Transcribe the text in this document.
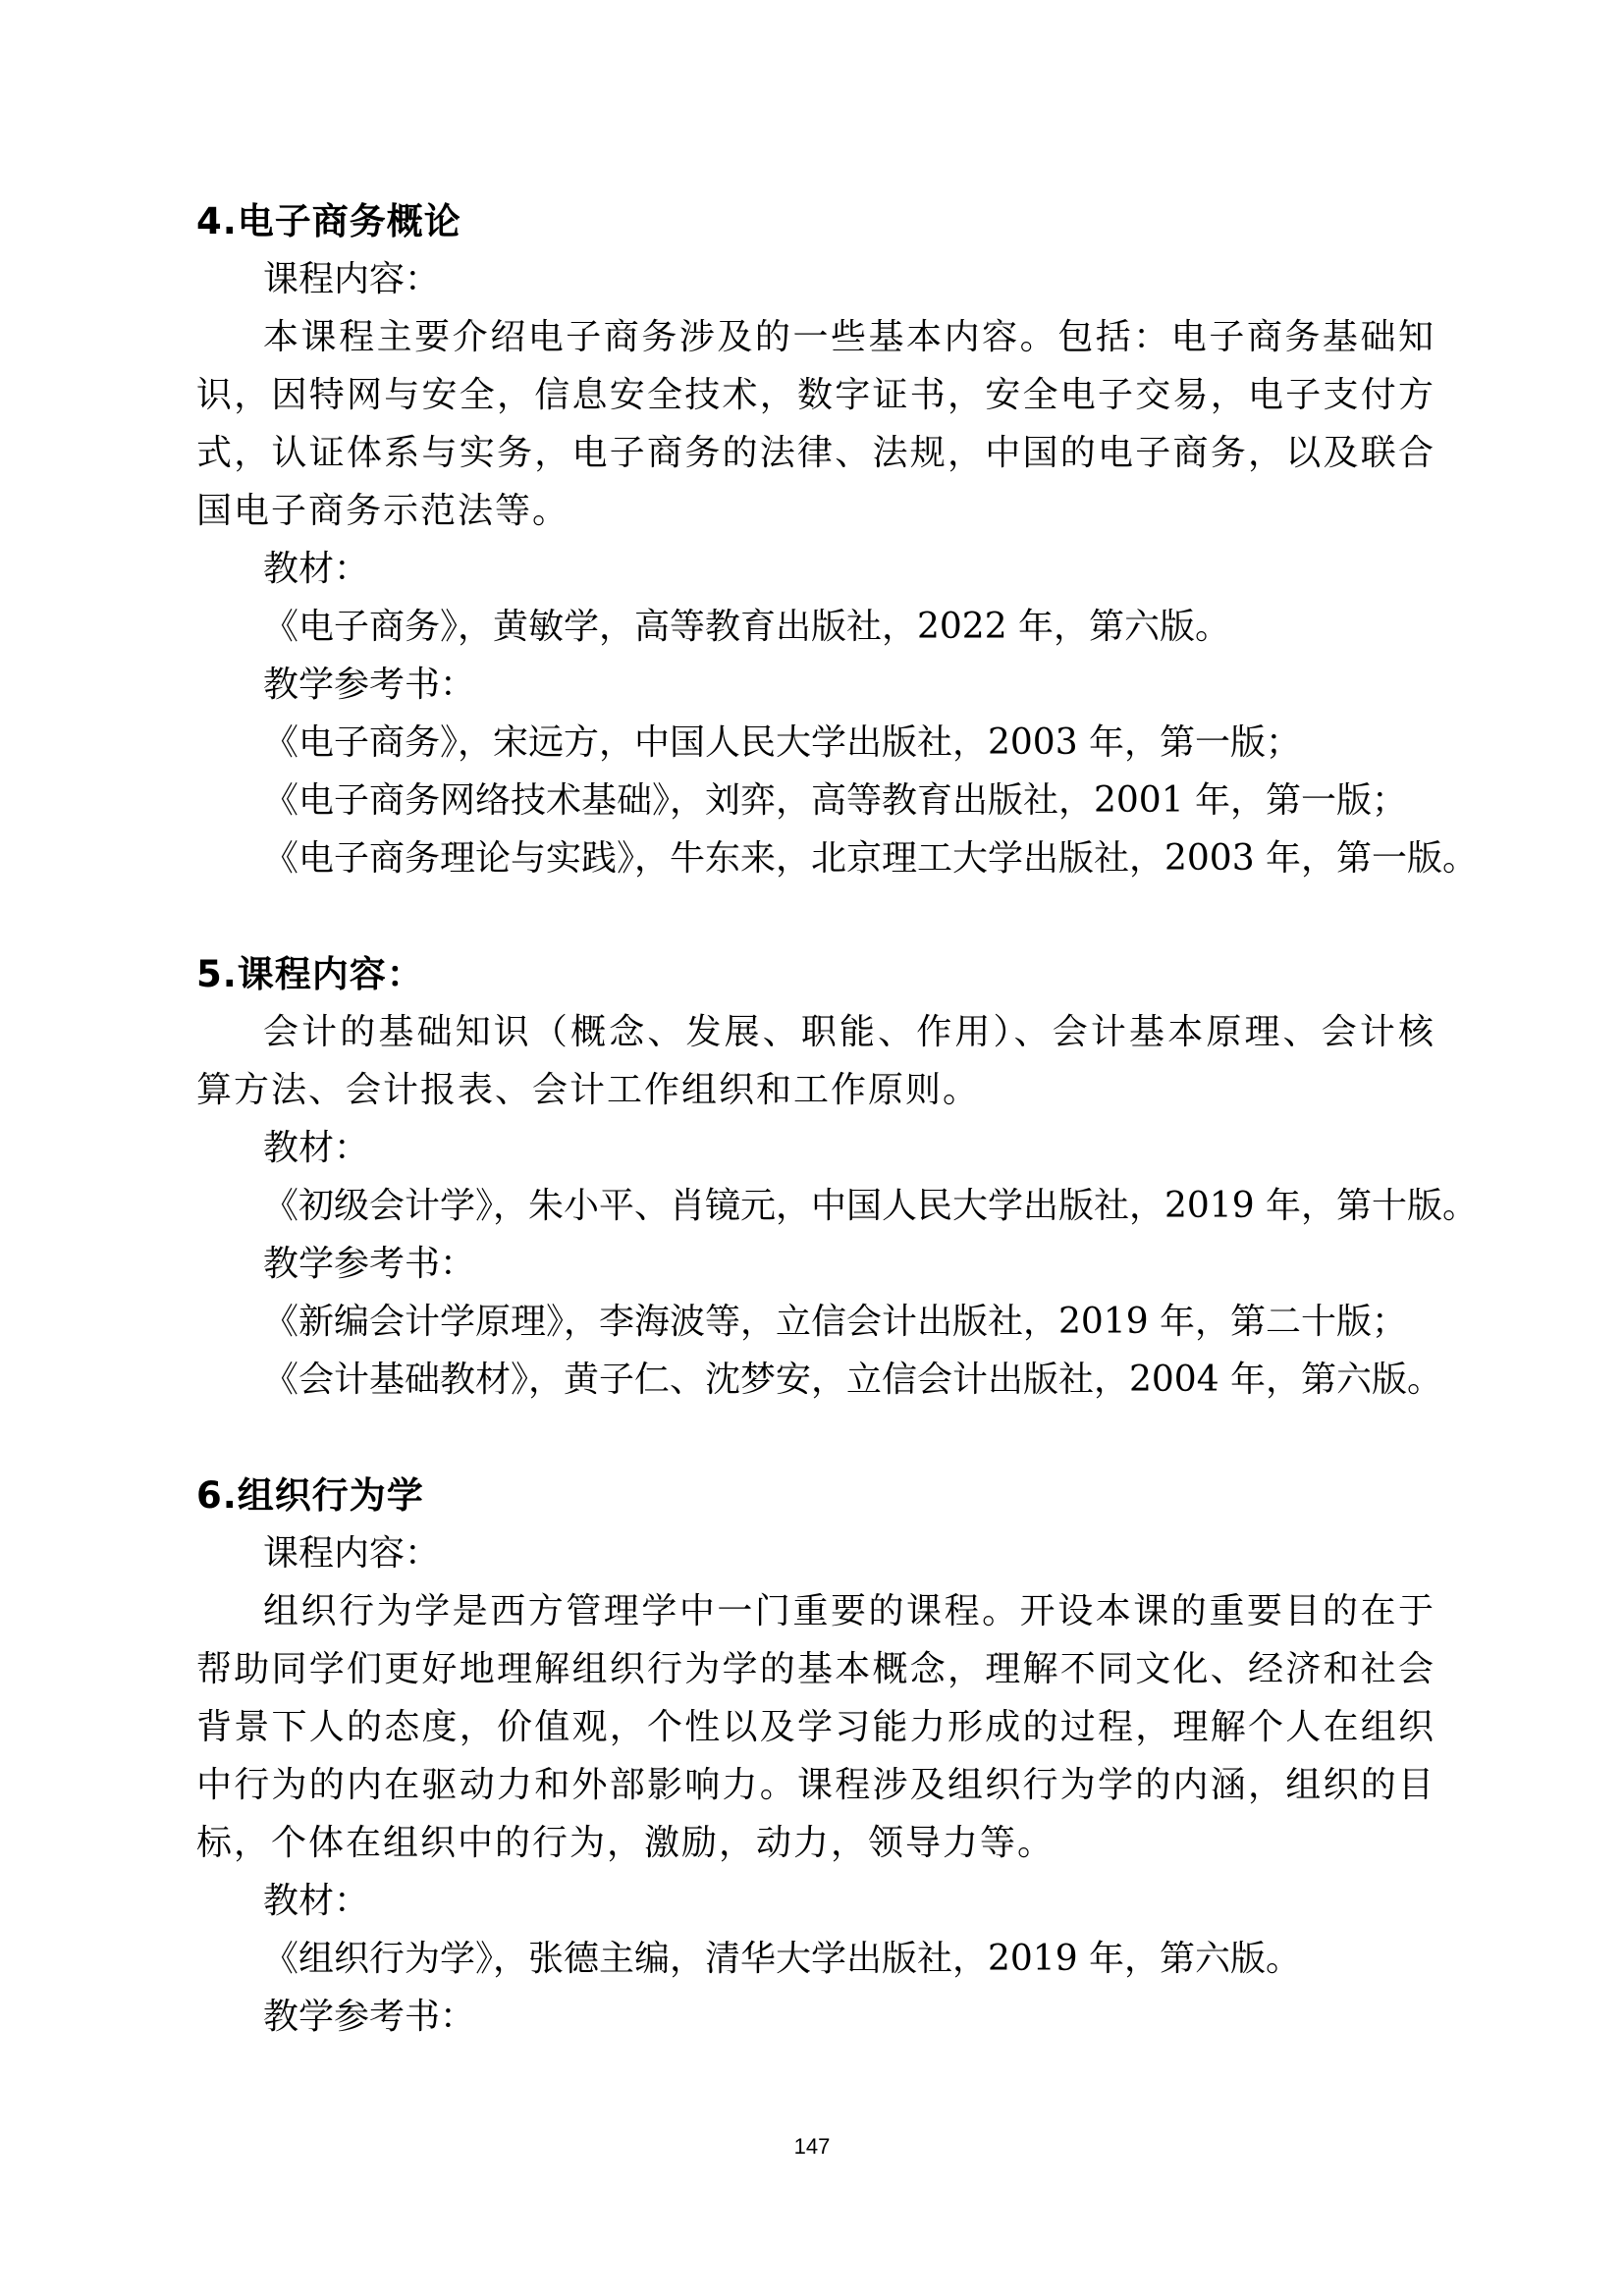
4.电子商务概论

课程内容：

本课程主要介绍电子商务涉及的一些基本内容。包括：电子商务基础知识，因特网与安全，信息安全技术，数字证书，安全电子交易，电子支付方式，认证体系与实务，电子商务的法律、法规，中国的电子商务，以及联合国电子商务示范法等。

教材：

《电子商务》，黄敏学，高等教育出版社，2022 年，第六版。

教学参考书：

《电子商务》，宋远方，中国人民大学出版社，2003 年，第一版；

《电子商务网络技术基础》，刘弈，高等教育出版社，2001 年，第一版；

《电子商务理论与实践》，牛东来，北京理工大学出版社，2003 年，第一版。

5.课程内容：

会计的基础知识（概念、发展、职能、作用）、会计基本原理、会计核算方法、会计报表、会计工作组织和工作原则。

教材：

《初级会计学》，朱小平、肖镜元，中国人民大学出版社，2019 年，第十版。

教学参考书：

《新编会计学原理》，李海波等，立信会计出版社，2019 年，第二十版；

《会计基础教材》，黄子仁、沈梦安，立信会计出版社，2004 年，第六版。

6.组织行为学

课程内容：

组织行为学是西方管理学中一门重要的课程。开设本课的重要目的在于帮助同学们更好地理解组织行为学的基本概念，理解不同文化、经济和社会背景下人的态度，价值观，个性以及学习能力形成的过程，理解个人在组织中行为的内在驱动力和外部影响力。课程涉及组织行为学的内涵，组织的目标，个体在组织中的行为，激励，动力，领导力等。

教材：

《组织行为学》，张德主编，清华大学出版社，2019 年，第六版。

教学参考书：

147
